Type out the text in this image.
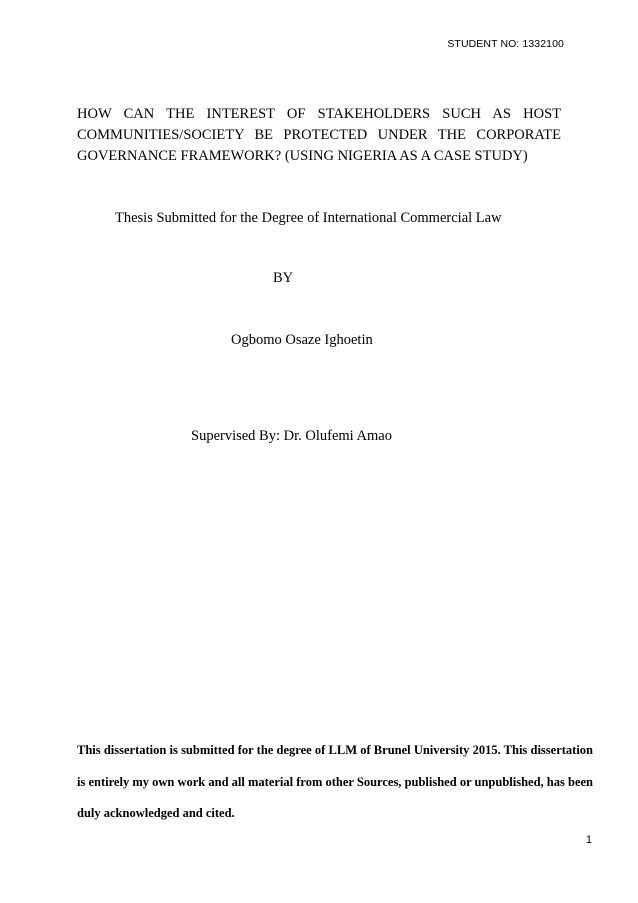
STUDENT NO: 1332100
HOW CAN THE INTEREST OF STAKEHOLDERS SUCH AS HOST COMMUNITIES/SOCIETY BE PROTECTED UNDER THE CORPORATE GOVERNANCE FRAMEWORK? (USING NIGERIA AS A CASE STUDY)
Thesis Submitted for the Degree of International Commercial Law
BY
Ogbomo Osaze Ighoetin
Supervised By: Dr. Olufemi Amao

This dissertation is submitted for the degree of LLM of Brunel University 2015. This dissertation is entirely my own work and all material from other Sources, published or unpublished, has been duly acknowledged and cited.

1
